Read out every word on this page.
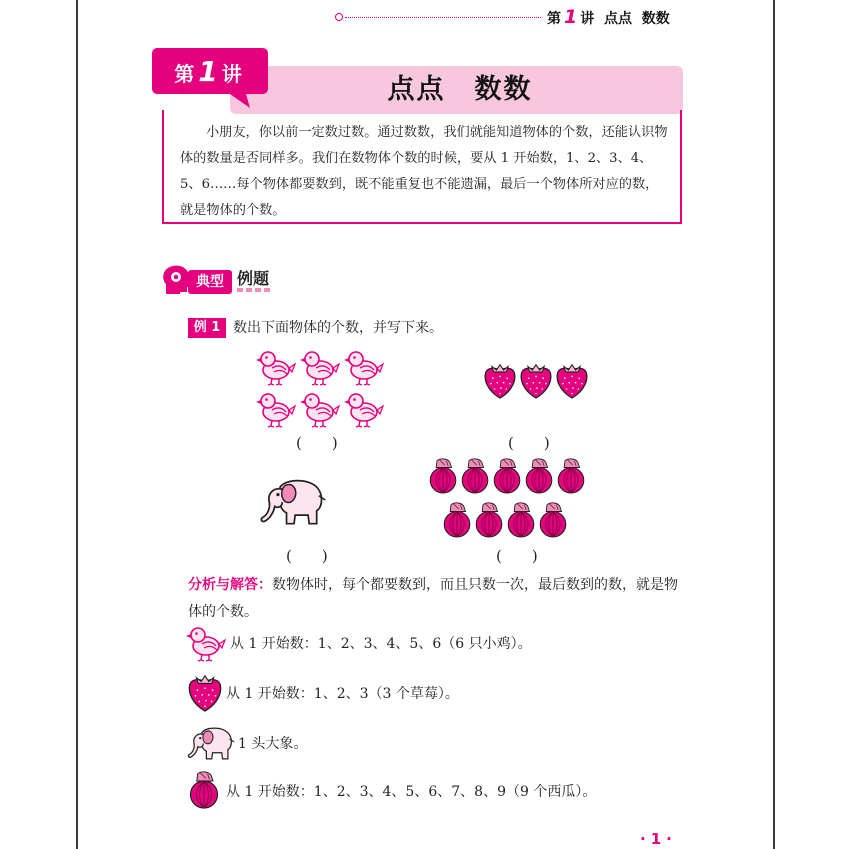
第 1 讲  点点  数数
点点　数数
第 1 讲

小朋友，你以前一定数过数。通过数数，我们就能知道物体的个数，还能认识物体的数量是否同样多。我们在数物体个数的时候，要从 1 开始数，1、2、3、4、5、6……每个物体都要数到，既不能重复也不能遗漏，最后一个物体所对应的数，就是物体的个数。

典型 例题
例 1 数出下面物体的个数，并写下来。
(　　)	(　　)
(　　)	(　　)

分析与解答：数物体时，每个都要数到，而且只数一次，最后数到的数，就是物体的个数。

从 1 开始数：1、2、3、4、5、6（6 只小鸡）。
从 1 开始数：1、2、3（3 个草莓）。
1 头大象。
从 1 开始数：1、2、3、4、5、6、7、8、9（9 个西瓜）。
·1·
